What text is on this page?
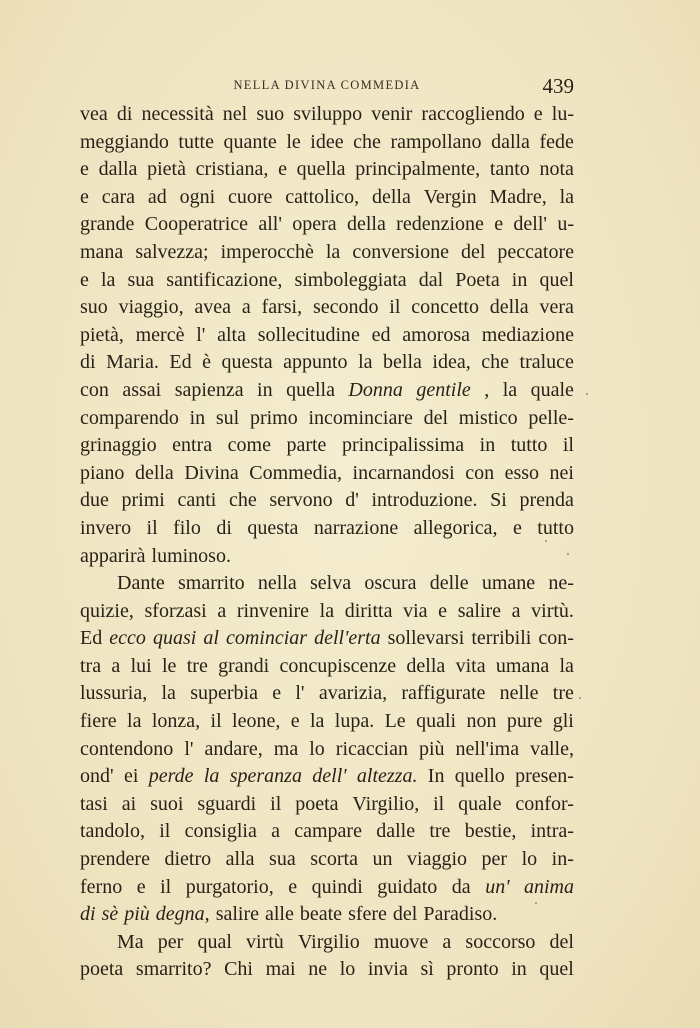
NELLA DIVINA COMMEDIA	439
vea di necessità nel suo sviluppo venir raccogliendo e lu-
meggiando tutte quante le idee che rampollano dalla fede
e dalla pietà cristiana, e quella principalmente, tanto nota
e cara ad ogni cuore cattolico, della Vergin Madre, la
grande Cooperatrice all' opera della redenzione e dell' u-
mana salvezza; imperocchè la conversione del peccatore
e la sua santificazione, simboleggiata dal Poeta in quel
suo viaggio, avea a farsi, secondo il concetto della vera
pietà, mercè l' alta sollecitudine ed amorosa mediazione
di Maria. Ed è questa appunto la bella idea, che traluce
con assai sapienza in quella Donna gentile , la quale
comparendo in sul primo incominciare del mistico pelle-
grinaggio entra come parte principalissima in tutto il
piano della Divina Commedia, incarnandosi con esso nei
due primi canti che servono d' introduzione. Si prenda
invero il filo di questa narrazione allegorica, e tutto
apparirà luminoso.
Dante smarrito nella selva oscura delle umane ne-
quizie, sforzasi a rinvenire la diritta via e salire a virtù.
Ed ecco quasi al cominciar dell'erta sollevarsi terribili con-
tra a lui le tre grandi concupiscenze della vita umana la
lussuria, la superbia e l' avarizia, raffigurate nelle tre
fiere la lonza, il leone, e la lupa. Le quali non pure gli
contendono l' andare, ma lo ricaccian più nell'ima valle,
ond' ei perde la speranza dell' altezza. In quello presen-
tasi ai suoi sguardi il poeta Virgilio, il quale confor-
tandolo, il consiglia a campare dalle tre bestie, intra-
prendere dietro alla sua scorta un viaggio per lo in-
ferno e il purgatorio, e quindi guidato da un' anima
di sè più degna, salire alle beate sfere del Paradiso.
Ma per qual virtù Virgilio muove a soccorso del
poeta smarrito? Chi mai ne lo invia sì pronto in quel
